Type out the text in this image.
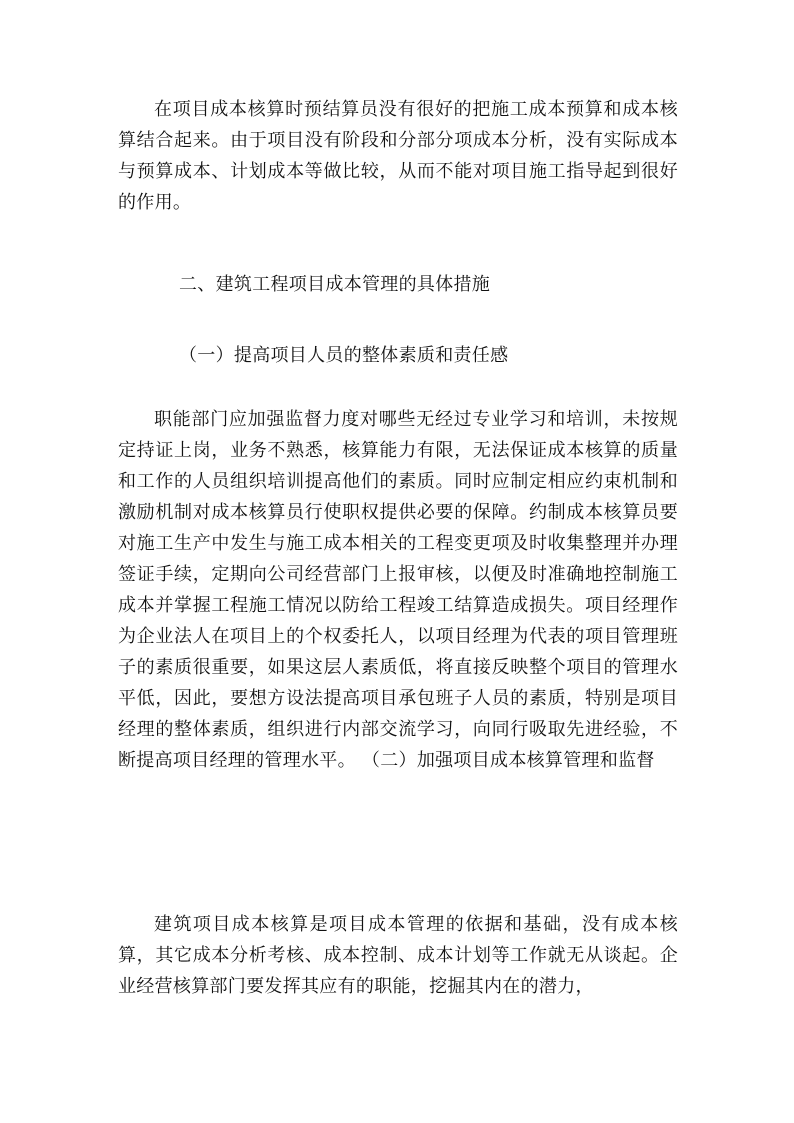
在项目成本核算时预结算员没有很好的把施工成本预算和成本核算结合起来。由于项目没有阶段和分部分项成本分析，没有实际成本与预算成本、计划成本等做比较，从而不能对项目施工指导起到很好的作用。

二、建筑工程项目成本管理的具体措施

（一）提高项目人员的整体素质和责任感

职能部门应加强监督力度对哪些无经过专业学习和培训，未按规定持证上岗，业务不熟悉，核算能力有限，无法保证成本核算的质量和工作的人员组织培训提高他们的素质。同时应制定相应约束机制和激励机制对成本核算员行使职权提供必要的保障。约制成本核算员要对施工生产中发生与施工成本相关的工程变更项及时收集整理并办理签证手续，定期向公司经营部门上报审核，以便及时准确地控制施工成本并掌握工程施工情况以防给工程竣工结算造成损失。项目经理作为企业法人在项目上的个权委托人，以项目经理为代表的项目管理班子的素质很重要，如果这层人素质低，将直接反映整个项目的管理水平低，因此，要想方设法提高项目承包班子人员的素质，特别是项目经理的整体素质，组织进行内部交流学习，向同行吸取先进经验，不断提高项目经理的管理水平。 （二）加强项目成本核算管理和监督

建筑项目成本核算是项目成本管理的依据和基础，没有成本核算，其它成本分析考核、成本控制、成本计划等工作就无从谈起。企业经营核算部门要发挥其应有的职能，挖掘其内在的潜力，
